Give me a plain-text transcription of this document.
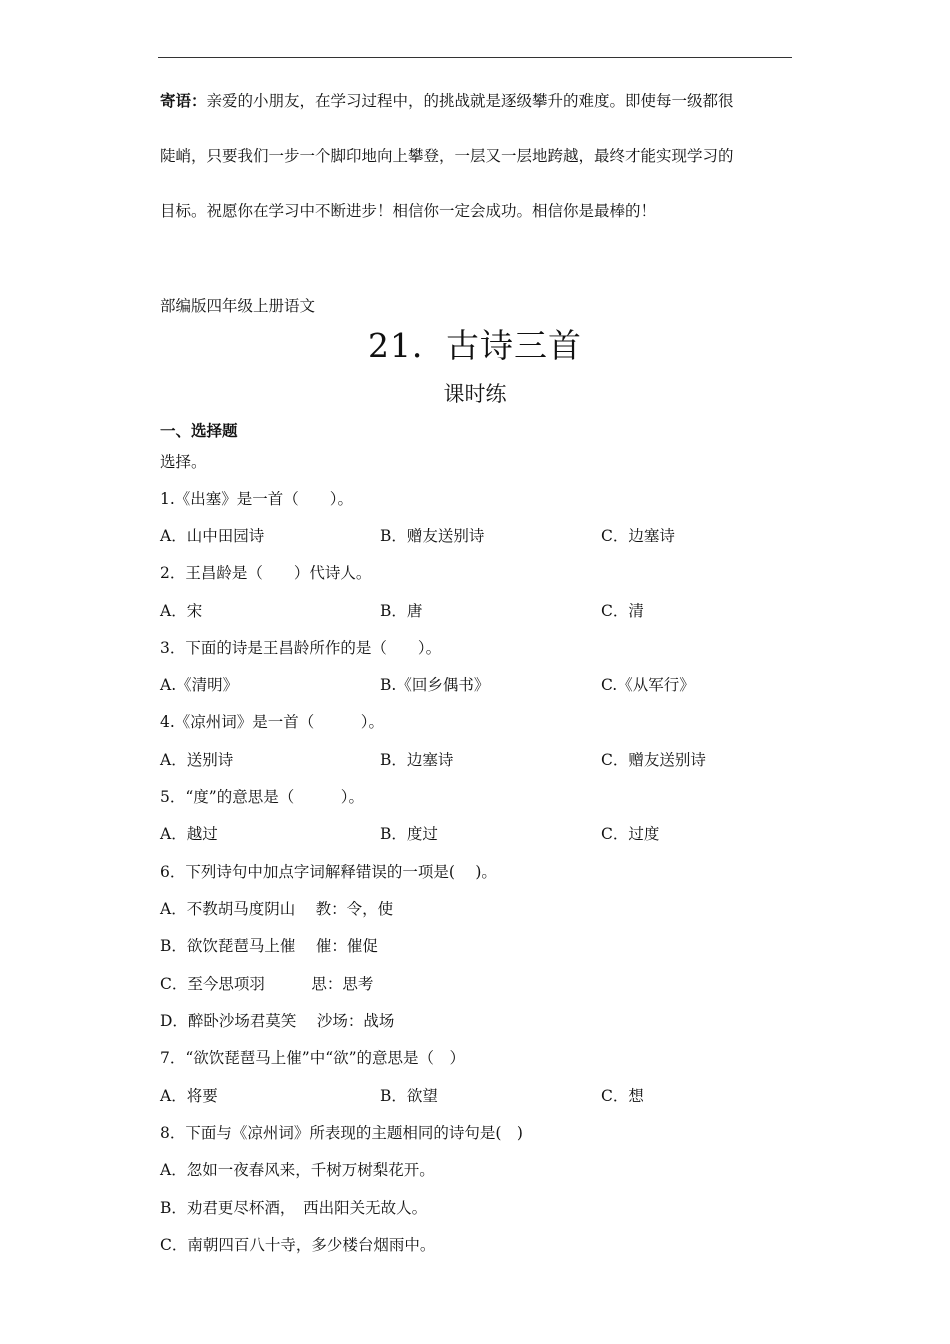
寄语：亲爱的小朋友，在学习过程中，的挑战就是逐级攀升的难度。即使每一级都很
陡峭，只要我们一步一个脚印地向上攀登，一层又一层地跨越，最终才能实现学习的
目标。祝愿你在学习中不断进步！相信你一定会成功。相信你是最棒的！
部编版四年级上册语文
21．古诗三首
课时练
一、选择题
选择。
1.《出塞》是一首（　　）。
A．山中田园诗	B．赠友送别诗	C．边塞诗
2．王昌龄是（　　）代诗人。
A．宋	B．唐	C．清
3．下面的诗是王昌龄所作的是（　　）。
A.《清明》	B.《回乡偶书》	C.《从军行》
4.《凉州词》是一首（　　　）。
A．送别诗	B．边塞诗	C．赠友送别诗
5．“度”的意思是（　　　）。
A．越过	B．度过	C．过度
6．下列诗句中加点字词解释错误的一项是(　 )。
A．不教胡马度阴山　 教：令，使
B．欲饮琵琶马上催　 催：催促
C．至今思项羽　　　思：思考
D．醉卧沙场君莫笑　 沙场：战场
7．“欲饮琵琶马上催”中“欲”的意思是（　）
A．将要	B．欲望	C．想
8．下面与《凉州词》所表现的主题相同的诗句是(　)
A．忽如一夜春风来，千树万树梨花开。
B．劝君更尽杯酒，　西出阳关无故人。
C．南朝四百八十寺，多少楼台烟雨中。
